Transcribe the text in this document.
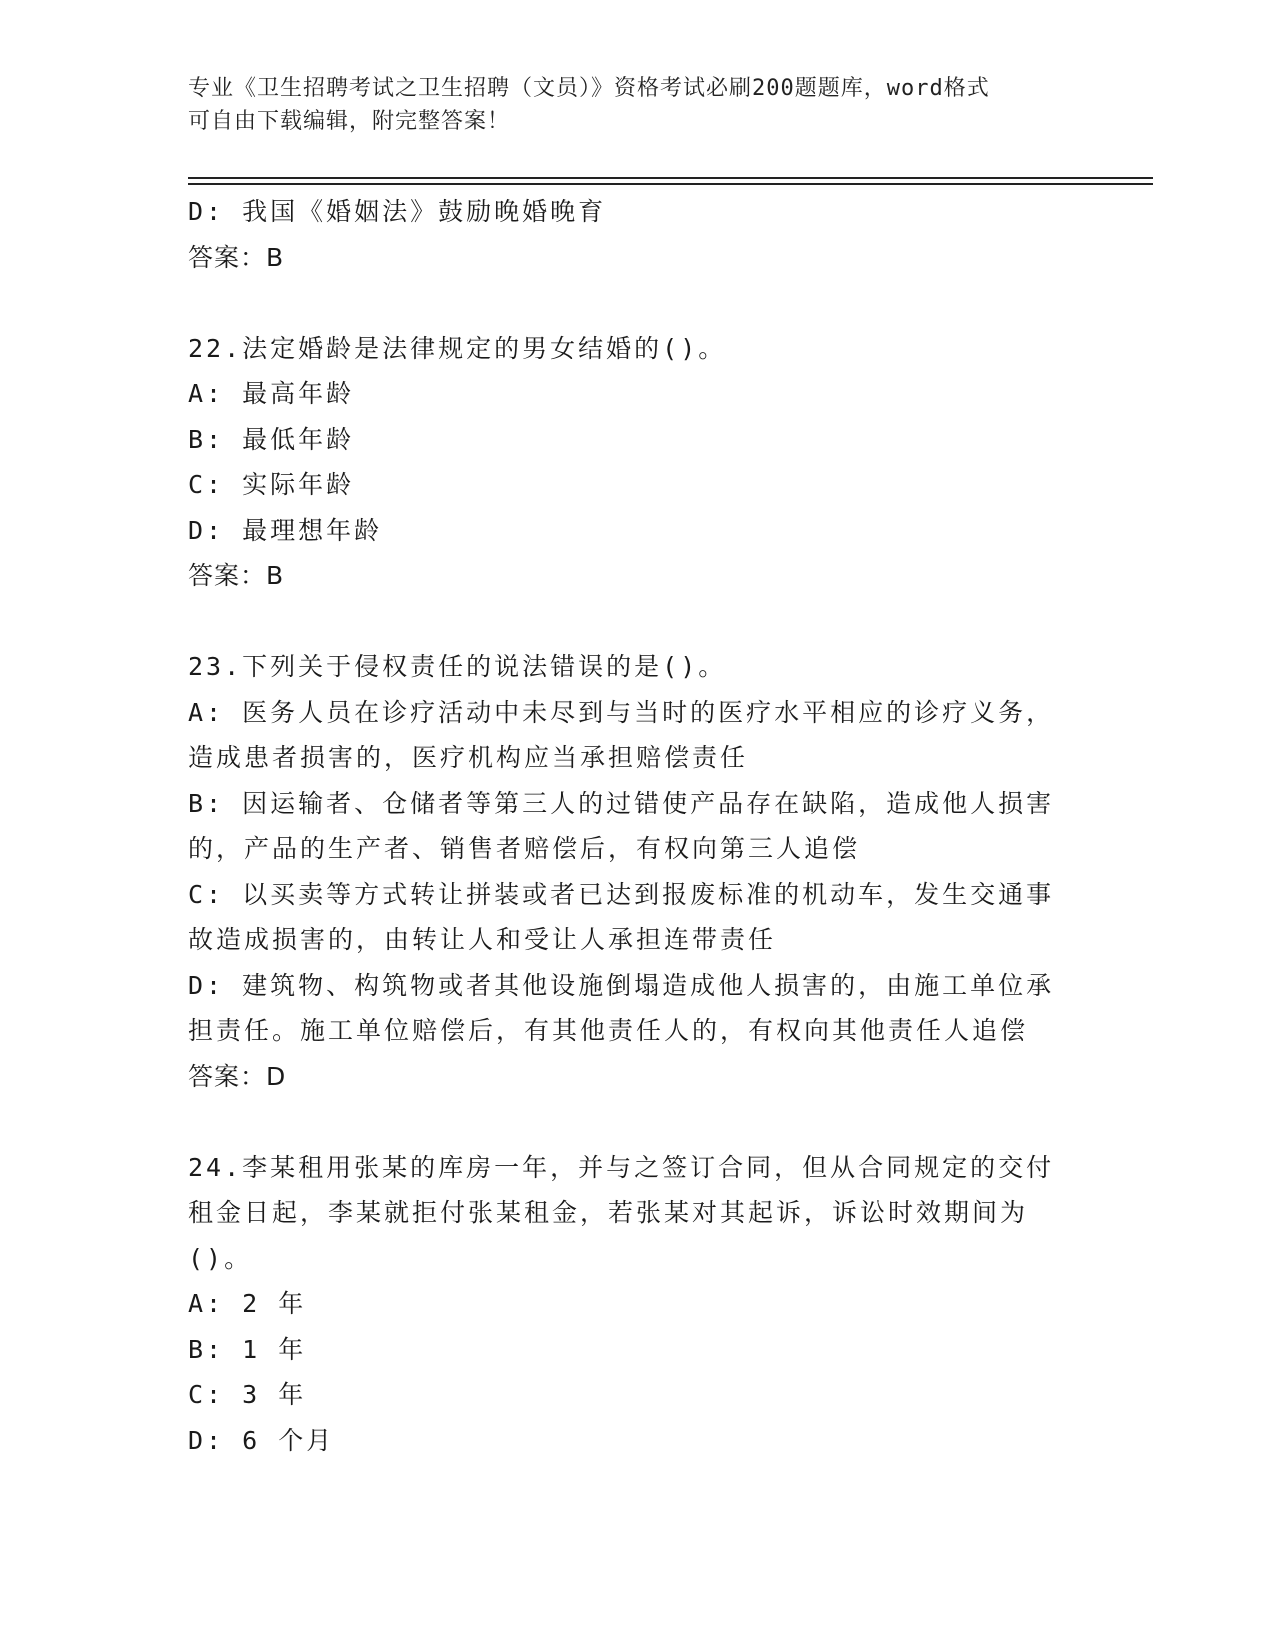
专业《卫生招聘考试之卫生招聘（文员）》资格考试必刷200题题库，word格式
可自由下载编辑，附完整答案！
D: 我国《婚姻法》鼓励晚婚晚育
答案：B
22.法定婚龄是法律规定的男女结婚的()。
A: 最高年龄
B: 最低年龄
C: 实际年龄
D: 最理想年龄
答案：B
23.下列关于侵权责任的说法错误的是()。
A: 医务人员在诊疗活动中未尽到与当时的医疗水平相应的诊疗义务，
造成患者损害的，医疗机构应当承担赔偿责任
B: 因运输者、仓储者等第三人的过错使产品存在缺陷，造成他人损害
的，产品的生产者、销售者赔偿后，有权向第三人追偿
C: 以买卖等方式转让拼装或者已达到报废标准的机动车，发生交通事
故造成损害的，由转让人和受让人承担连带责任
D: 建筑物、构筑物或者其他设施倒塌造成他人损害的，由施工单位承
担责任。施工单位赔偿后，有其他责任人的，有权向其他责任人追偿
答案：D
24.李某租用张某的库房一年，并与之签订合同，但从合同规定的交付
租金日起，李某就拒付张某租金，若张某对其起诉，诉讼时效期间为
()。
A: 2 年
B: 1 年
C: 3 年
D: 6 个月
